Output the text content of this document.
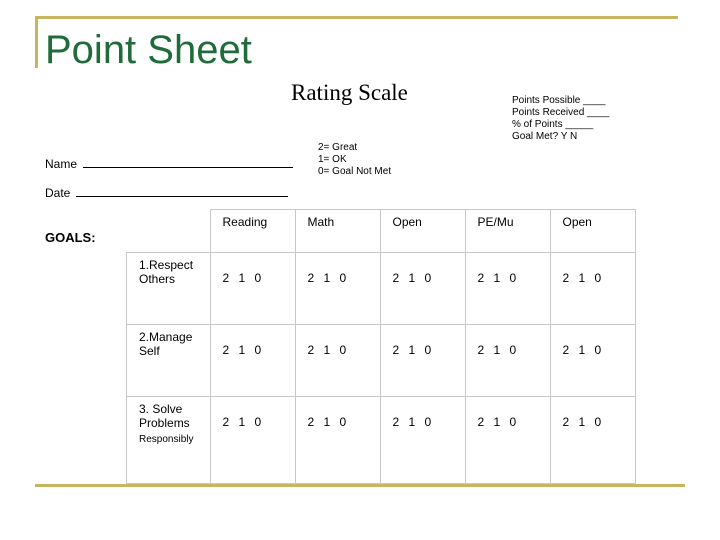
Point Sheet
Rating Scale	Points Possible ____
Points Received ____
% of Points _____
Goal Met? Y N
2= Great
1= OK
0= Goal Not Met
Name
Date
GOALS:

	Reading	Math	Open	PE/Mu	Open

1.Respect Others	2 1 0	2 1 0	2 1 0	2 1 0	2 1 0

2.Manage Self	2 1 0	2 1 0	2 1 0	2 1 0	2 1 0

3. Solve Problems
Responsibly	2 1 0	2 1 0	2 1 0	2 1 0	2 1 0
